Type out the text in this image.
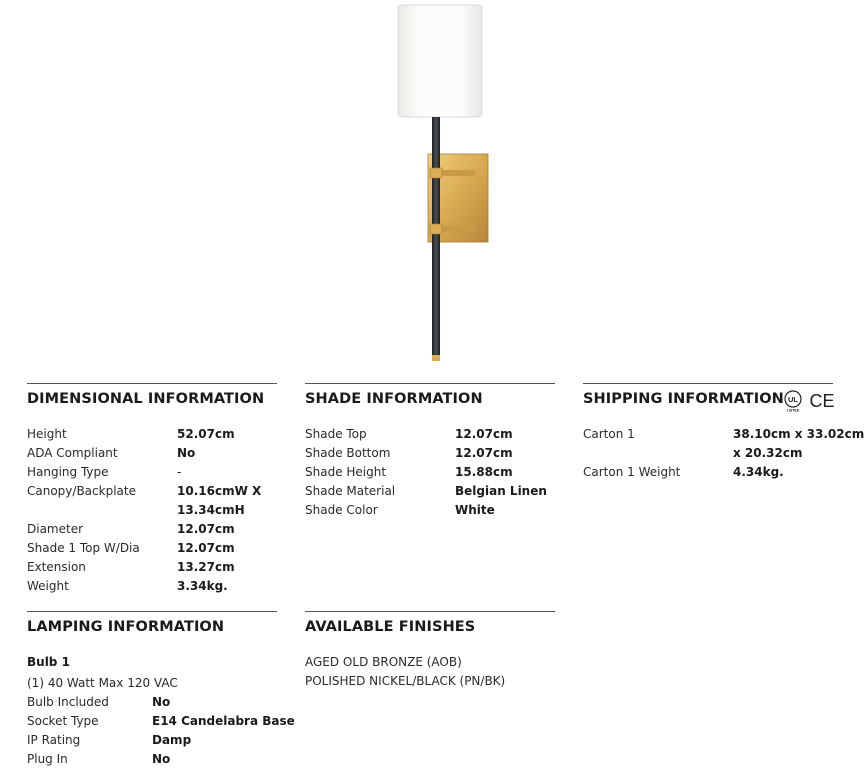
DIMENSIONAL INFORMATION
Height	52.07cm
ADA Compliant	No
Hanging Type	-
Canopy/Backplate	10.16cmW X
13.34cmH
Diameter	12.07cm
Shade 1 Top W/Dia	12.07cm
Extension	13.27cm
Weight	3.34kg.
SHADE INFORMATION
Shade Top	12.07cm
Shade Bottom	12.07cm
Shade Height	15.88cm
Shade Material	Belgian Linen
Shade Color	White
SHIPPING INFORMATION
Carton 1	38.10cm x 33.02cm
x 20.32cm
Carton 1 Weight	4.34kg.
UL
LISTED CE
LAMPING INFORMATION
Bulb 1
(1) 40 Watt Max 120 VAC
Bulb Included	No
Socket Type	E14 Candelabra Base
IP Rating	Damp
Plug In	No
AVAILABLE FINISHES
AGED OLD BRONZE (AOB)
POLISHED NICKEL/BLACK (PN/BK)
